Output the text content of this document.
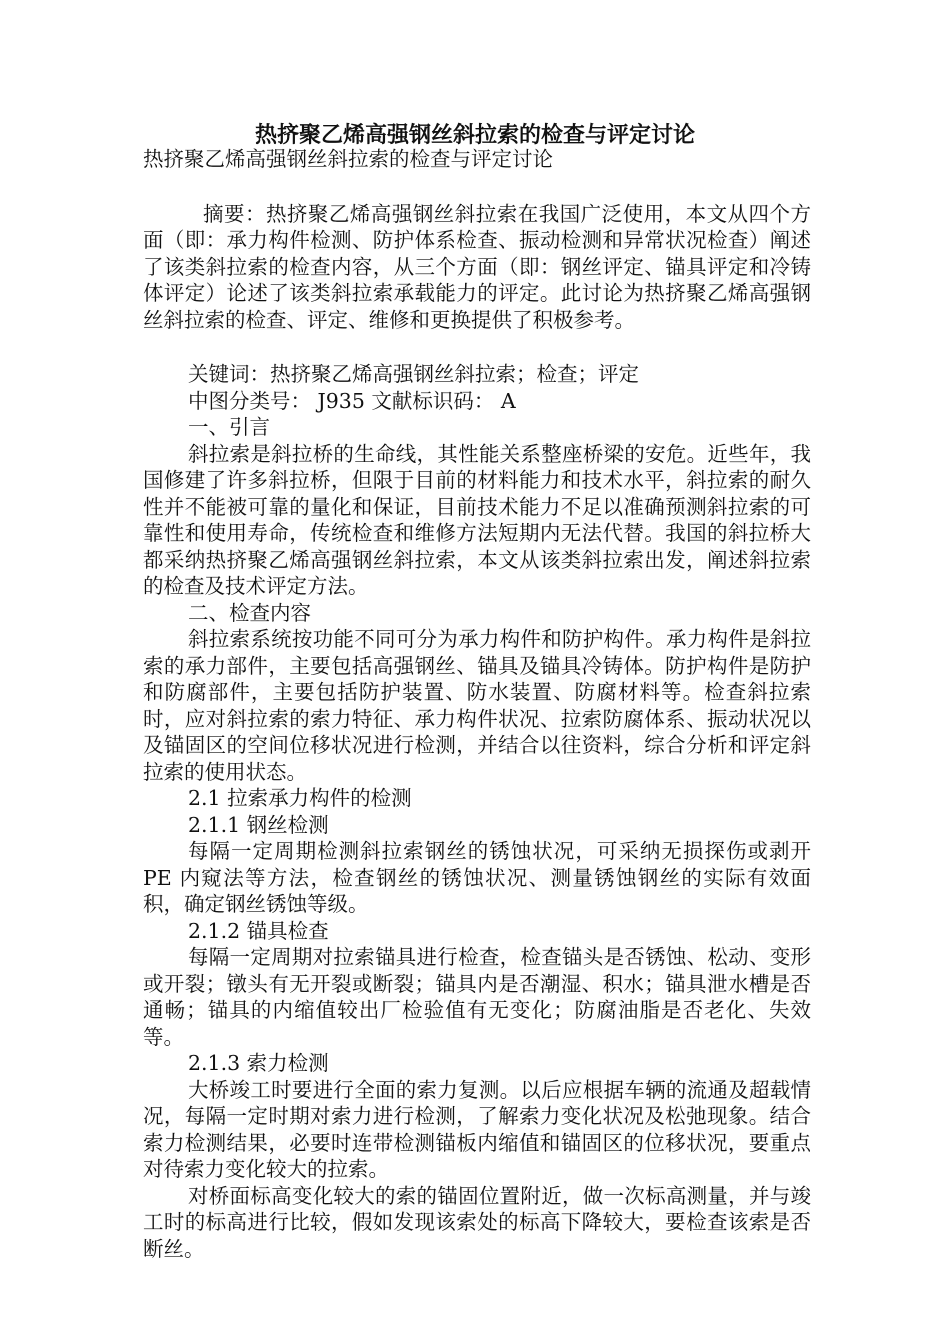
热挤聚乙烯高强钢丝斜拉索的检查与评定讨论

热挤聚乙烯高强钢丝斜拉索的检查与评定讨论

摘要：热挤聚乙烯高强钢丝斜拉索在我国广泛使用，本文从四个方面（即：承力构件检测、防护体系检查、振动检测和异常状况检查）阐述了该类斜拉索的检查内容，从三个方面（即：钢丝评定、锚具评定和冷铸体评定）论述了该类斜拉索承载能力的评定。此讨论为热挤聚乙烯高强钢丝斜拉索的检查、评定、维修和更换提供了积极参考。

关键词：热挤聚乙烯高强钢丝斜拉索；检查；评定

中图分类号： J935 文献标识码： A

一、引言

斜拉索是斜拉桥的生命线，其性能关系整座桥梁的安危。近些年，我国修建了许多斜拉桥，但限于目前的材料能力和技术水平，斜拉索的耐久性并不能被可靠的量化和保证，目前技术能力不足以准确预测斜拉索的可靠性和使用寿命，传统检查和维修方法短期内无法代替。我国的斜拉桥大都采纳热挤聚乙烯高强钢丝斜拉索，本文从该类斜拉索出发，阐述斜拉索的检查及技术评定方法。

二、检查内容

斜拉索系统按功能不同可分为承力构件和防护构件。承力构件是斜拉索的承力部件，主要包括高强钢丝、锚具及锚具冷铸体。防护构件是防护和防腐部件，主要包括防护装置、防水装置、防腐材料等。检查斜拉索时，应对斜拉索的索力特征、承力构件状况、拉索防腐体系、振动状况以及锚固区的空间位移状况进行检测，并结合以往资料，综合分析和评定斜拉索的使用状态。

2.1 拉索承力构件的检测

2.1.1 钢丝检测

每隔一定周期检测斜拉索钢丝的锈蚀状况，可采纳无损探伤或剥开 PE 内窥法等方法，检查钢丝的锈蚀状况、测量锈蚀钢丝的实际有效面积，确定钢丝锈蚀等级。

2.1.2 锚具检查

每隔一定周期对拉索锚具进行检查，检查锚头是否锈蚀、松动、变形或开裂；镦头有无开裂或断裂；锚具内是否潮湿、积水；锚具泄水槽是否通畅；锚具的内缩值较出厂检验值有无变化；防腐油脂是否老化、失效等。

2.1.3 索力检测

大桥竣工时要进行全面的索力复测。以后应根据车辆的流通及超载情况，每隔一定时期对索力进行检测，了解索力变化状况及松弛现象。结合索力检测结果，必要时连带检测锚板内缩值和锚固区的位移状况，要重点对待索力变化较大的拉索。

对桥面标高变化较大的索的锚固位置附近，做一次标高测量，并与竣工时的标高进行比较，假如发现该索处的标高下降较大，要检查该索是否断丝。
